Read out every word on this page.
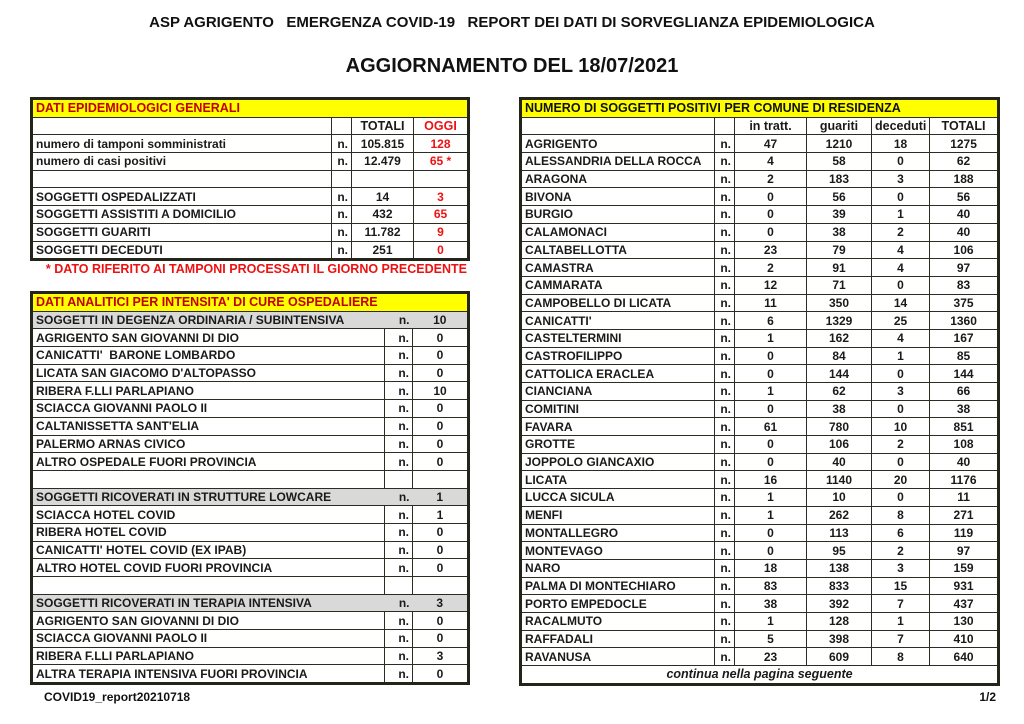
ASP AGRIGENTO   EMERGENZA COVID-19   REPORT DEI DATI DI SORVEGLIANZA EPIDEMIOLOGICA
AGGIORNAMENTO DEL 18/07/2021
DATI EPIDEMIOLOGICI GENERALI			
		TOTALI	OGGI
numero di tamponi somministrati	n.	105.815	128
numero di casi positivi	n.	12.479	65 *

SOGGETTI OSPEDALIZZATI	n.	14	3
SOGGETTI ASSISTITI A DOMICILIO	n.	432	65
SOGGETTI GUARITI	n.	11.782	9
SOGGETTI DECEDUTI	n.	251	0
* DATO RIFERITO AI TAMPONI PROCESSATI IL GIORNO PRECEDENTE
DATI ANALITICI PER INTENSITA' DI CURE OSPEDALIERE		
SOGGETTI IN DEGENZA ORDINARIA / SUBINTENSIVA	n.	10
AGRIGENTO SAN GIOVANNI DI DIO	n.	0
CANICATTI'  BARONE LOMBARDO	n.	0
LICATA SAN GIACOMO D'ALTOPASSO	n.	0
RIBERA F.LLI PARLAPIANO	n.	10
SCIACCA GIOVANNI PAOLO II	n.	0
CALTANISSETTA SANT'ELIA	n.	0
PALERMO ARNAS CIVICO	n.	0
ALTRO OSPEDALE FUORI PROVINCIA	n.	0

SOGGETTI RICOVERATI IN STRUTTURE LOWCARE	n.	1
SCIACCA HOTEL COVID	n.	1
RIBERA HOTEL COVID	n.	0
CANICATTI' HOTEL COVID (EX IPAB)	n.	0
ALTRO HOTEL COVID FUORI PROVINCIA	n.	0

SOGGETTI RICOVERATI IN TERAPIA INTENSIVA	n.	3
AGRIGENTO SAN GIOVANNI DI DIO	n.	0
SCIACCA GIOVANNI PAOLO II	n.	0
RIBERA F.LLI PARLAPIANO	n.	3
ALTRA TERAPIA INTENSIVA FUORI PROVINCIA	n.	0
NUMERO DI SOGGETTI POSITIVI PER COMUNE DI RESIDENZA					
		in tratt.	guariti	deceduti	TOTALI
AGRIGENTO	n.	47	1210	18	1275
ALESSANDRIA DELLA ROCCA	n.	4	58	0	62
ARAGONA	n.	2	183	3	188
BIVONA	n.	0	56	0	56
BURGIO	n.	0	39	1	40
CALAMONACI	n.	0	38	2	40
CALTABELLOTTA	n.	23	79	4	106
CAMASTRA	n.	2	91	4	97
CAMMARATA	n.	12	71	0	83
CAMPOBELLO DI LICATA	n.	11	350	14	375
CANICATTI'	n.	6	1329	25	1360
CASTELTERMINI	n.	1	162	4	167
CASTROFILIPPO	n.	0	84	1	85
CATTOLICA ERACLEA	n.	0	144	0	144
CIANCIANA	n.	1	62	3	66
COMITINI	n.	0	38	0	38
FAVARA	n.	61	780	10	851
GROTTE	n.	0	106	2	108
JOPPOLO GIANCAXIO	n.	0	40	0	40
LICATA	n.	16	1140	20	1176
LUCCA SICULA	n.	1	10	0	11
MENFI	n.	1	262	8	271
MONTALLEGRO	n.	0	113	6	119
MONTEVAGO	n.	0	95	2	97
NARO	n.	18	138	3	159
PALMA DI MONTECHIARO	n.	83	833	15	931
PORTO EMPEDOCLE	n.	38	392	7	437
RACALMUTO	n.	1	128	1	130
RAFFADALI	n.	5	398	7	410
RAVANUSA	n.	23	609	8	640
continua nella pagina seguente					
COVID19_report20210718	1/2
